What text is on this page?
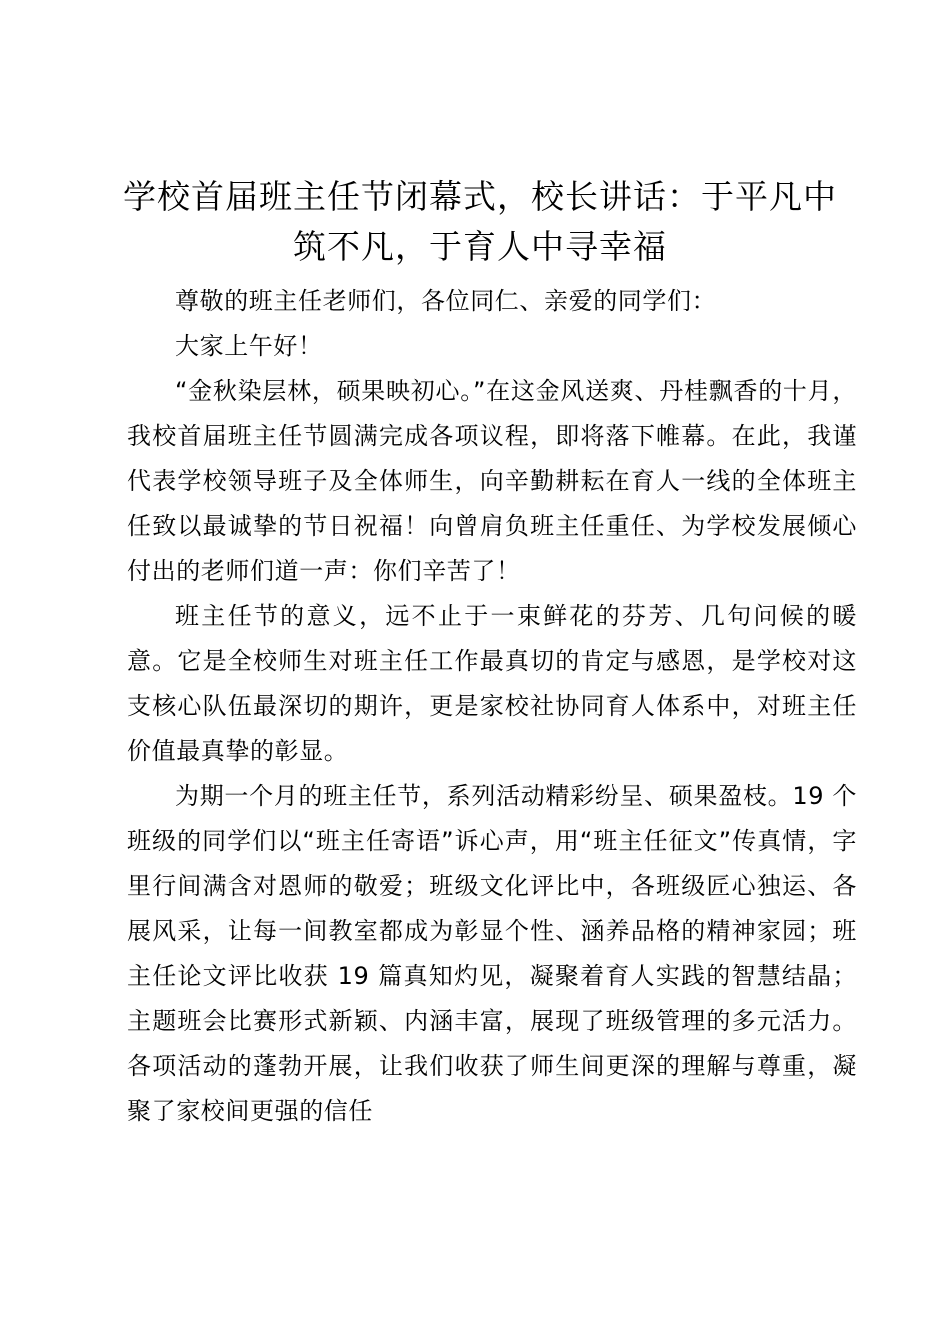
学校首届班主任节闭幕式，校长讲话：于平凡中筑不凡，于育人中寻幸福

尊敬的班主任老师们，各位同仁、亲爱的同学们：

大家上午好！

“金秋染层林，硕果映初心。”在这金风送爽、丹桂飘香的十月，我校首届班主任节圆满完成各项议程，即将落下帷幕。在此，我谨代表学校领导班子及全体师生，向辛勤耕耘在育人一线的全体班主任致以最诚挚的节日祝福！向曾肩负班主任重任、为学校发展倾心付出的老师们道一声：你们辛苦了！

班主任节的意义，远不止于一束鲜花的芬芳、几句问候的暖意。它是全校师生对班主任工作最真切的肯定与感恩，是学校对这支核心队伍最深切的期许，更是家校社协同育人体系中，对班主任价值最真挚的彰显。

为期一个月的班主任节，系列活动精彩纷呈、硕果盈枝。19 个班级的同学们以“班主任寄语”诉心声，用“班主任征文”传真情，字里行间满含对恩师的敬爱；班级文化评比中，各班级匠心独运、各展风采，让每一间教室都成为彰显个性、涵养品格的精神家园；班主任论文评比收获 19 篇真知灼见，凝聚着育人实践的智慧结晶；主题班会比赛形式新颖、内涵丰富，展现了班级管理的多元活力。各项活动的蓬勃开展，让我们收获了师生间更深的理解与尊重，凝聚了家校间更强的信任
